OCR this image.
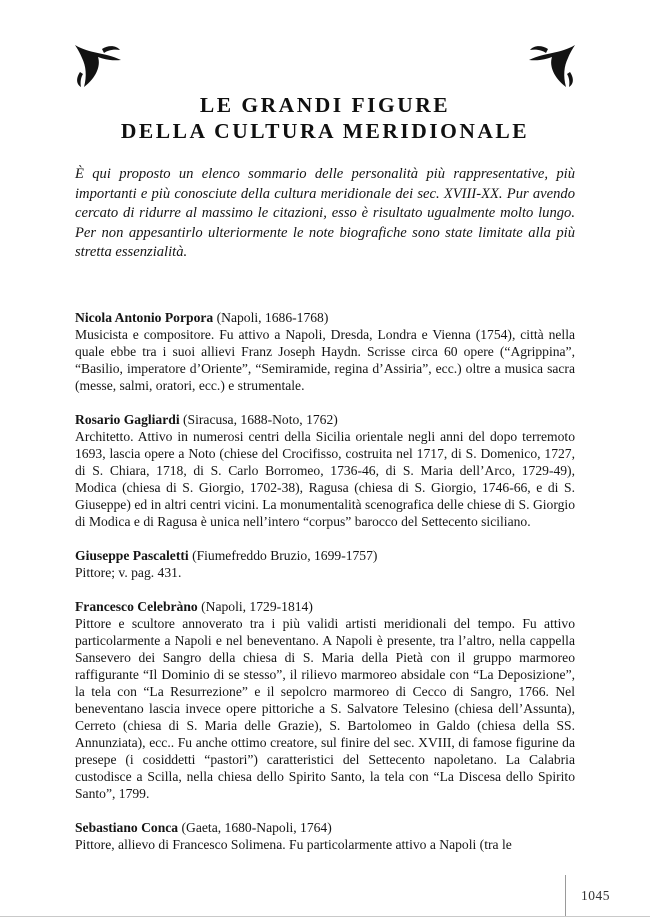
LE GRANDI FIGURE
DELLA CULTURA MERIDIONALE

È qui proposto un elenco sommario delle personalità più rappresentative, più importanti e più conosciute della cultura meridionale dei sec. XVIII-XX. Pur avendo cercato di ridurre al massimo le citazioni, esso è risultato ugualmente molto lungo. Per non appesantirlo ulteriormente le note biografiche sono state limitate alla più stretta essenzialità.

Nicola Antonio Porpora (Napoli, 1686-1768)

Musicista e compositore. Fu attivo a Napoli, Dresda, Londra e Vienna (1754), città nella quale ebbe tra i suoi allievi Franz Joseph Haydn. Scrisse circa 60 opere (“Agrippina”, “Basilio, imperatore d’Oriente”, “Semiramide, regina d’Assiria”, ecc.) oltre a musica sacra (messe, salmi, oratori, ecc.) e strumentale.

Rosario Gagliardi (Siracusa, 1688-Noto, 1762)

Architetto. Attivo in numerosi centri della Sicilia orientale negli anni del dopo terremoto 1693, lascia opere a Noto (chiese del Crocifisso, costruita nel 1717, di S. Domenico, 1727, di S. Chiara, 1718, di S. Carlo Borromeo, 1736-46, di S. Maria dell’Arco, 1729-49), Modica (chiesa di S. Giorgio, 1702-38), Ragusa (chiesa di S. Giorgio, 1746-66, e di S. Giuseppe) ed in altri centri vicini. La monumentalità scenografica delle chiese di S. Giorgio di Modica e di Ragusa è unica nell’intero “corpus” barocco del Settecento siciliano.

Giuseppe Pascaletti (Fiumefreddo Bruzio, 1699-1757)

Pittore; v. pag. 431.

Francesco Celebràno (Napoli, 1729-1814)

Pittore e scultore annoverato tra i più validi artisti meridionali del tempo. Fu attivo particolarmente a Napoli e nel beneventano. A Napoli è presente, tra l’altro, nella cappella Sansevero dei Sangro della chiesa di S. Maria della Pietà con il gruppo marmoreo raffigurante “Il Dominio di se stesso”, il rilievo marmoreo absidale con “La Deposizione”, la tela con “La Resurrezione” e il sepolcro marmoreo di Cecco di Sangro, 1766. Nel beneventano lascia invece opere pittoriche a S. Salvatore Telesino (chiesa dell’Assunta), Cerreto (chiesa di S. Maria delle Grazie), S. Bartolomeo in Galdo (chiesa della SS. Annunziata), ecc.. Fu anche ottimo creatore, sul finire del sec. XVIII, di famose figurine da presepe (i cosiddetti “pastori”) caratteristici del Settecento napoletano. La Calabria custodisce a Scilla, nella chiesa dello Spirito Santo, la tela con “La Discesa dello Spirito Santo”, 1799.

Sebastiano Conca (Gaeta, 1680-Napoli, 1764)

Pittore, allievo di Francesco Solimena. Fu particolarmente attivo a Napoli (tra le

1045
